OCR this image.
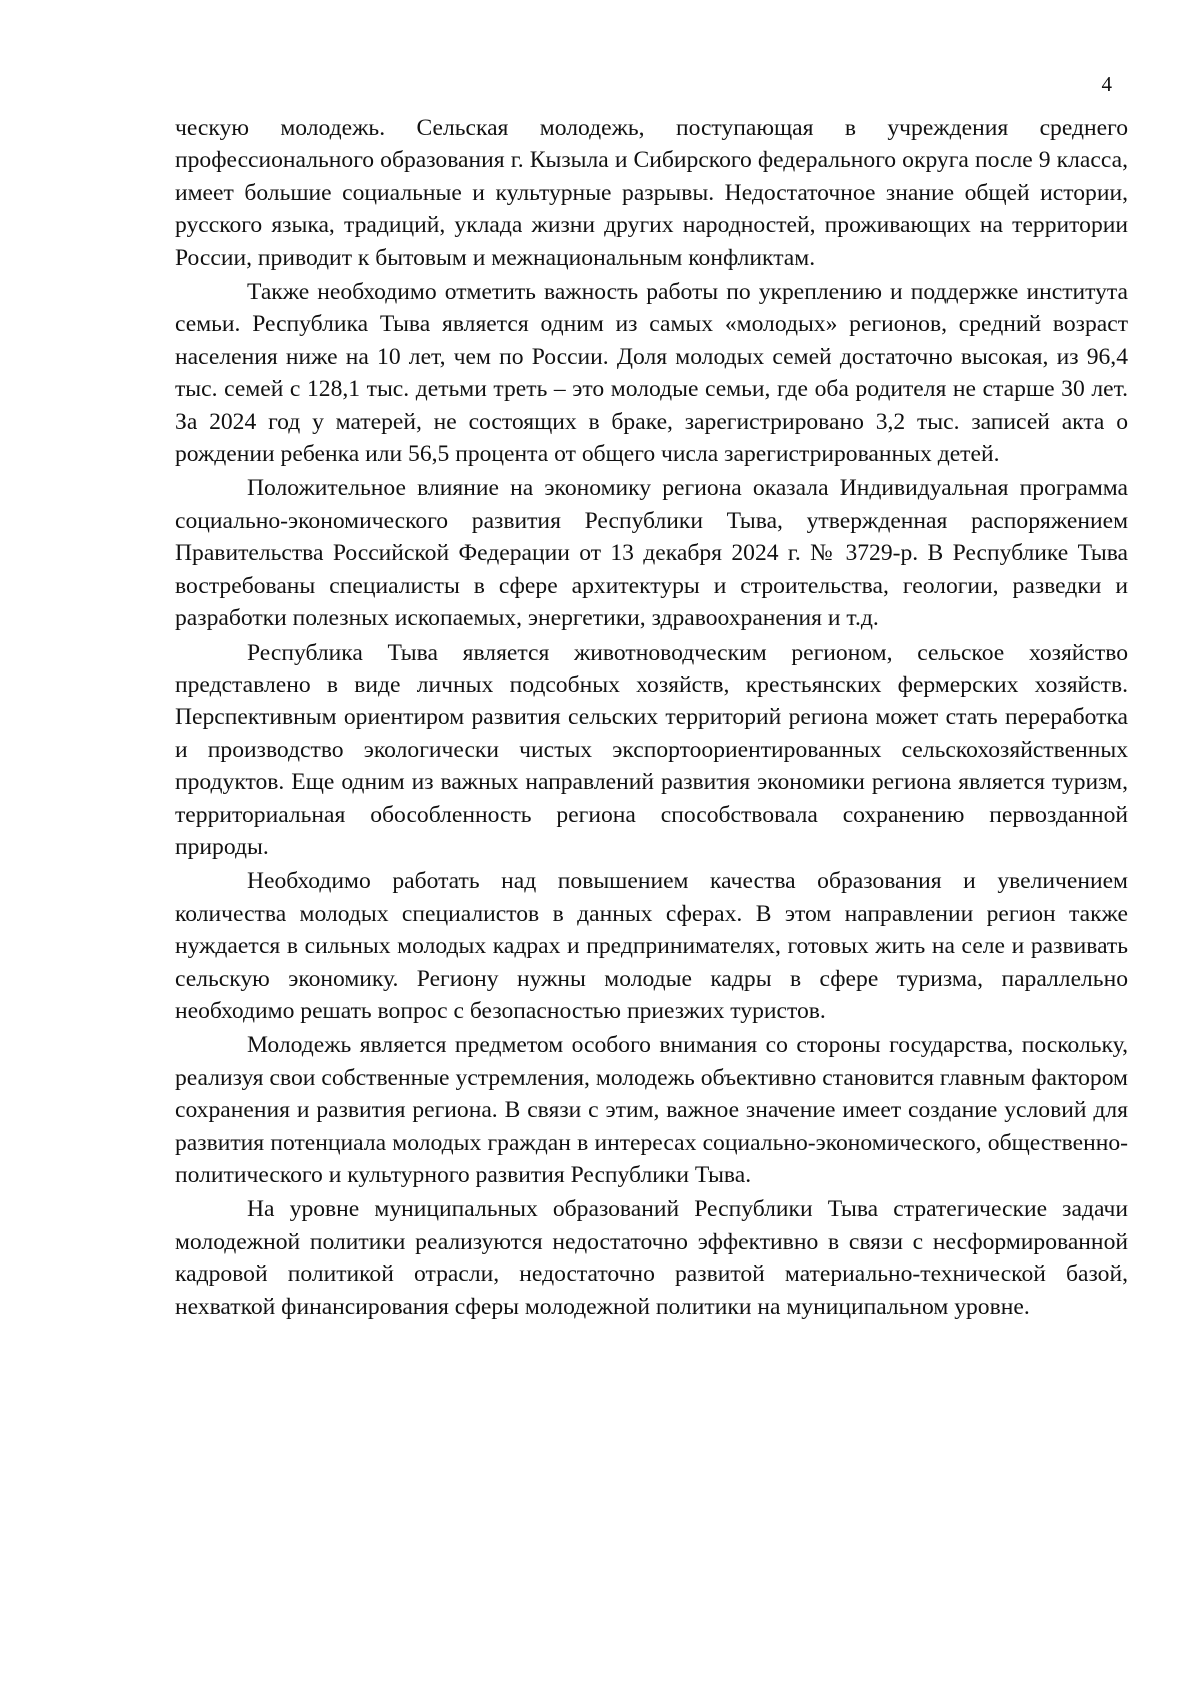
4

ческую молодежь. Сельская молодежь, поступающая в учреждения среднего профессионального образования г. Кызыла и Сибирского федерального округа после 9 класса, имеет большие социальные и культурные разрывы. Недостаточное знание общей истории, русского языка, традиций, уклада жизни других народностей, проживающих на территории России, приводит к бытовым и межнациональным конфликтам.

Также необходимо отметить важность работы по укреплению и поддержке института семьи. Республика Тыва является одним из самых «молодых» регионов, средний возраст населения ниже на 10 лет, чем по России. Доля молодых семей достаточно высокая, из 96,4 тыс. семей с 128,1 тыс. детьми треть – это молодые семьи, где оба родителя не старше 30 лет. За 2024 год у матерей, не состоящих в браке, зарегистрировано 3,2 тыс. записей акта о рождении ребенка или 56,5 процента от общего числа зарегистрированных детей.

Положительное влияние на экономику региона оказала Индивидуальная программа социально-экономического развития Республики Тыва, утвержденная распоряжением Правительства Российской Федерации от 13 декабря 2024 г. № 3729-р. В Республике Тыва востребованы специалисты в сфере архитектуры и строительства, геологии, разведки и разработки полезных ископаемых, энергетики, здравоохранения и т.д.

Республика Тыва является животноводческим регионом, сельское хозяйство представлено в виде личных подсобных хозяйств, крестьянских фермерских хозяйств. Перспективным ориентиром развития сельских территорий региона может стать переработка и производство экологически чистых экспортоориентированных сельскохозяйственных продуктов. Еще одним из важных направлений развития экономики региона является туризм, территориальная обособленность региона способствовала сохранению первозданной природы.

Необходимо работать над повышением качества образования и увеличением количества молодых специалистов в данных сферах. В этом направлении регион также нуждается в сильных молодых кадрах и предпринимателях, готовых жить на селе и развивать сельскую экономику. Региону нужны молодые кадры в сфере туризма, параллельно необходимо решать вопрос с безопасностью приезжих туристов.

Молодежь является предметом особого внимания со стороны государства, поскольку, реализуя свои собственные устремления, молодежь объективно становится главным фактором сохранения и развития региона. В связи с этим, важное значение имеет создание условий для развития потенциала молодых граждан в интересах социально-экономического, общественно-политического и культурного развития Республики Тыва.

На уровне муниципальных образований Республики Тыва стратегические задачи молодежной политики реализуются недостаточно эффективно в связи с несформированной кадровой политикой отрасли, недостаточно развитой материально-технической базой, нехваткой финансирования сферы молодежной политики на муниципальном уровне.
